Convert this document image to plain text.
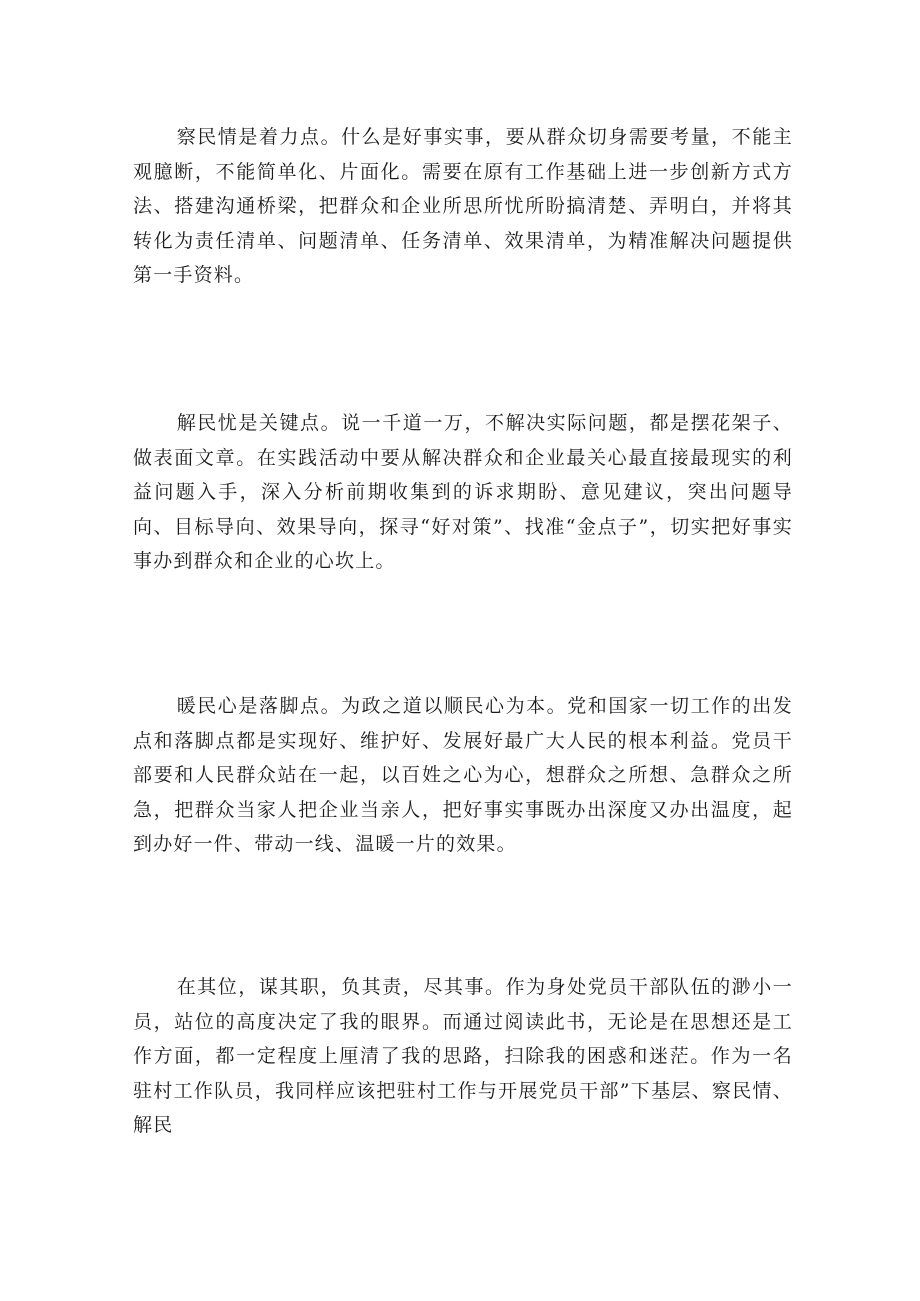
察民情是着力点。什么是好事实事，要从群众切身需要考量，不能主观臆断，不能简单化、片面化。需要在原有工作基础上进一步创新方式方法、搭建沟通桥梁，把群众和企业所思所忧所盼搞清楚、弄明白，并将其转化为责任清单、问题清单、任务清单、效果清单，为精准解决问题提供第一手资料。

解民忧是关键点。说一千道一万，不解决实际问题，都是摆花架子、做表面文章。在实践活动中要从解决群众和企业最关心最直接最现实的利益问题入手，深入分析前期收集到的诉求期盼、意见建议，突出问题导向、目标导向、效果导向，探寻“好对策”、找准“金点子”，切实把好事实事办到群众和企业的心坎上。

暖民心是落脚点。为政之道以顺民心为本。党和国家一切工作的出发点和落脚点都是实现好、维护好、发展好最广大人民的根本利益。党员干部要和人民群众站在一起，以百姓之心为心，想群众之所想、急群众之所急，把群众当家人把企业当亲人，把好事实事既办出深度又办出温度，起到办好一件、带动一线、温暖一片的效果。

在其位，谋其职，负其责，尽其事。作为身处党员干部队伍的渺小一员，站位的高度决定了我的眼界。而通过阅读此书，无论是在思想还是工作方面，都一定程度上厘清了我的思路，扫除我的困惑和迷茫。作为一名驻村工作队员，我同样应该把驻村工作与开展党员干部”下基层、察民情、解民
